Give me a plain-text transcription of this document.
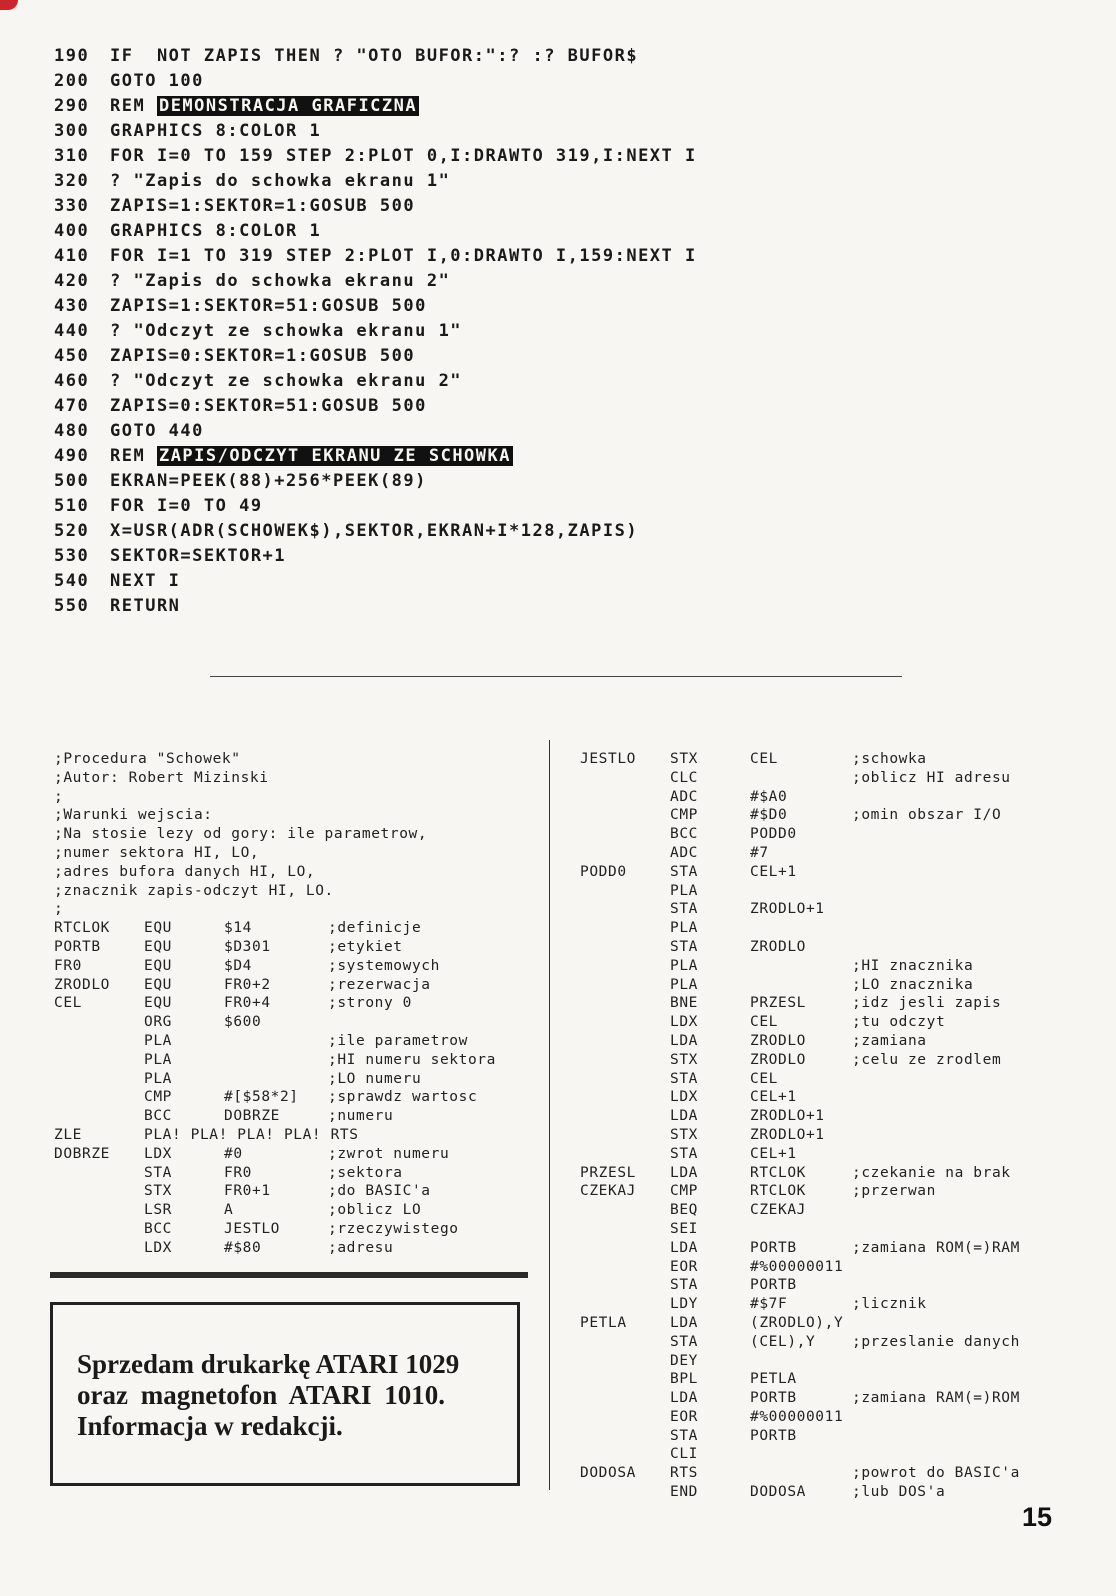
190 IF  NOT ZAPIS THEN ? "OTO BUFOR:":? :? BUFOR$
200 GOTO 100
290 REM DEMONSTRACJA GRAFICZNA
300 GRAPHICS 8:COLOR 1
310 FOR I=0 TO 159 STEP 2:PLOT 0,I:DRAWTO 319,I:NEXT I
320 ? "Zapis do schowka ekranu 1"
330 ZAPIS=1:SEKTOR=1:GOSUB 500
400 GRAPHICS 8:COLOR 1
410 FOR I=1 TO 319 STEP 2:PLOT I,0:DRAWTO I,159:NEXT I
420 ? "Zapis do schowka ekranu 2"
430 ZAPIS=1:SEKTOR=51:GOSUB 500
440 ? "Odczyt ze schowka ekranu 1"
450 ZAPIS=0:SEKTOR=1:GOSUB 500
460 ? "Odczyt ze schowka ekranu 2"
470 ZAPIS=0:SEKTOR=51:GOSUB 500
480 GOTO 440
490 REM ZAPIS/ODCZYT EKRANU ZE SCHOWKA
500 EKRAN=PEEK(88)+256*PEEK(89)
510 FOR I=0 TO 49
520 X=USR(ADR(SCHOWEK$),SEKTOR,EKRAN+I*128,ZAPIS)
530 SEKTOR=SEKTOR+1
540 NEXT I
550 RETURN
;Procedura "Schowek"
;Autor: Robert Mizinski
;
;Warunki wejscia:
;Na stosie lezy od gory: ile parametrow,
;numer sektora HI, LO,
;adres bufora danych HI, LO,
;znacznik zapis-odczyt HI, LO.
;
RTCLOK EQU	$14	;definicje
PORTB	EQU	$D301	;etykiet
FR0	EQU	$D4	;systemowych
ZRODLO EQU	FR0+2	;rezerwacja
CEL	EQU	FR0+4	;strony 0
ORG	$600
PLA	;ile parametrow
PLA	;HI numeru sektora
PLA	;LO numeru
CMP	#[$58*2] ;sprawdz wartosc
BCC	DOBRZE	;numeru
ZLE	PLA! PLA! PLA! PLA! RTS
DOBRZE LDX	#0	;zwrot numeru
STA	FR0	;sektora
STX	FR0+1	;do BASIC'a
LSR	A	;oblicz LO
BCC	JESTLO	;rzeczywistego
LDX	#$80	;adresu
JESTLO STX	CEL	;schowka
CLC	;oblicz HI adresu
ADC	#$A0
CMP	#$D0	;omin obszar I/O
BCC	PODD0
ADC	#7
PODD0	STA	CEL+1
PLA
STA	ZRODLO+1
PLA
STA	ZRODLO
PLA	;HI znacznika
PLA	;LO znacznika
BNE	PRZESL	;idz jesli zapis
LDX	CEL	;tu odczyt
LDA	ZRODLO	;zamiana
STX	ZRODLO	;celu ze zrodlem
STA	CEL
LDX	CEL+1
LDA	ZRODLO+1
STX	ZRODLO+1
STA	CEL+1
PRZESL LDA	RTCLOK	;czekanie na brak
CZEKAJ CMP	RTCLOK	;przerwan
BEQ	CZEKAJ
SEI
LDA	PORTB	;zamiana ROM(=)RAM
EOR	#%00000011
STA	PORTB
LDY	#$7F	;licznik
PETLA	LDA	(ZRODLO),Y
STA	(CEL),Y	;przeslanie danych
DEY
BPL	PETLA
LDA	PORTB	;zamiana RAM(=)ROM
EOR	#%00000011
STA	PORTB
CLI
DODOSA RTS	;powrot do BASIC'a
END	DODOSA	;lub DOS'a
Sprzedam drukarkę ATARI 1029
oraz magnetofon ATARI 1010.
Informacja w redakcji.
15
